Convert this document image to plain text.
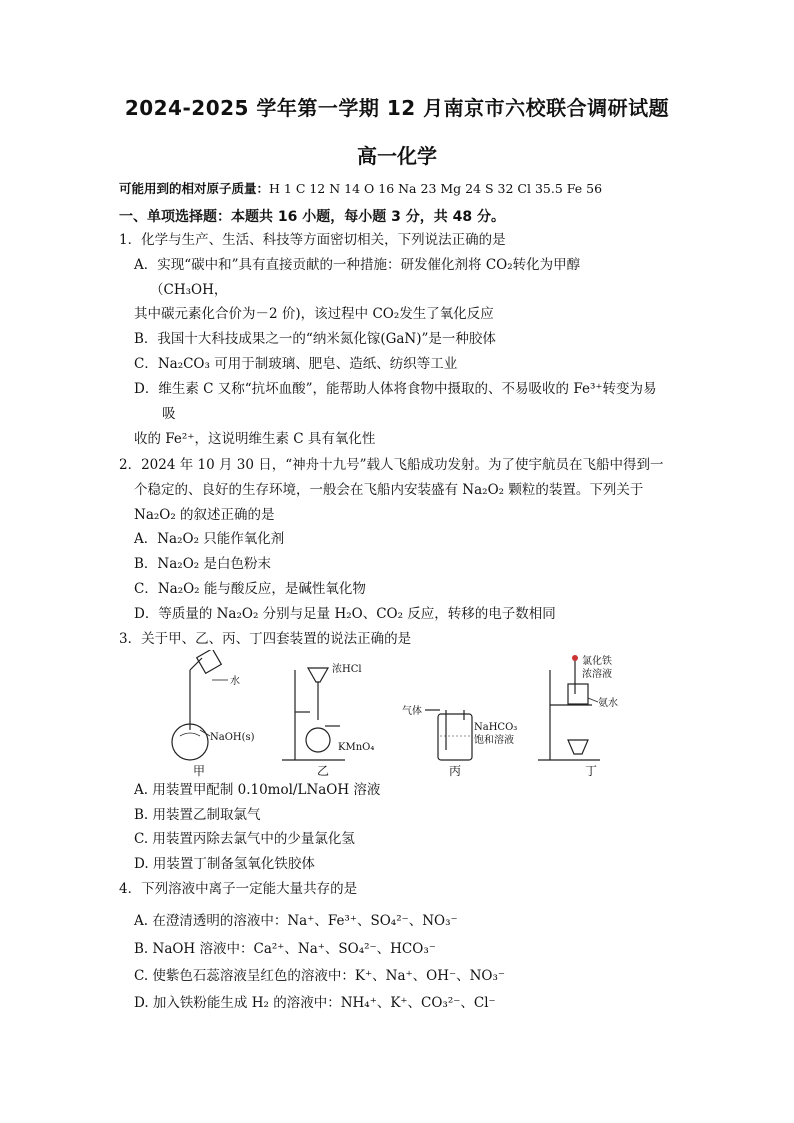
2024-2025 学年第一学期 12 月南京市六校联合调研试题
高一化学
可能用到的相对原子质量：H 1 C 12 N 14 O 16 Na 23 Mg 24 S 32 Cl 35.5 Fe 56
一、单项选择题：本题共 16 小题，每小题 3 分，共 48 分。
1．化学与生产、生活、科技等方面密切相关，下列说法正确的是
A．实现“碳中和”具有直接贡献的一种措施：研发催化剂将 CO₂转化为甲醇
（CH₃OH，
其中碳元素化合价为－2 价)，该过程中 CO₂发生了氧化反应
B．我国十大科技成果之一的“纳米氮化镓(GaN)”是一种胶体
C．Na₂CO₃ 可用于制玻璃、肥皂、造纸、纺织等工业
D．维生素 C 又称“抗坏血酸”，能帮助人体将食物中摄取的、不易吸收的 Fe³⁺转变为易
吸
收的 Fe²⁺，这说明维生素 C 具有氧化性
2．2024 年 10 月 30 日，“神舟十九号”载人飞船成功发射。为了使宇航员在飞船中得到一
个稳定的、良好的生存环境，一般会在飞船内安装盛有 Na₂O₂ 颗粒的装置。下列关于
Na₂O₂ 的叙述正确的是
A．Na₂O₂ 只能作氧化剂
B．Na₂O₂ 是白色粉末
C．Na₂O₂ 能与酸反应，是碱性氧化物
D．等质量的 Na₂O₂ 分别与足量 H₂O、CO₂ 反应，转移的电子数相同
3．关于甲、乙、丙、丁四套装置的说法正确的是
水
NaOH(s)
浓HCl
KMnO₄
气体
NaHCO₃
饱和溶液
氯化铁
浓溶液
氨水
甲	乙	丙	丁
A. 用装置甲配制 0.10mol/LNaOH 溶液
B. 用装置乙制取氯气
C. 用装置丙除去氯气中的少量氯化氢
D. 用装置丁制备氢氧化铁胶体
4．下列溶液中离子一定能大量共存的是
A. 在澄清透明的溶液中：Na⁺、Fe³⁺、SO₄²⁻、NO₃⁻
B. NaOH 溶液中：Ca²⁺、Na⁺、SO₄²⁻、HCO₃⁻
C. 使紫色石蕊溶液呈红色的溶液中：K⁺、Na⁺、OH⁻、NO₃⁻
D. 加入铁粉能生成 H₂ 的溶液中：NH₄⁺、K⁺、CO₃²⁻、Cl⁻
